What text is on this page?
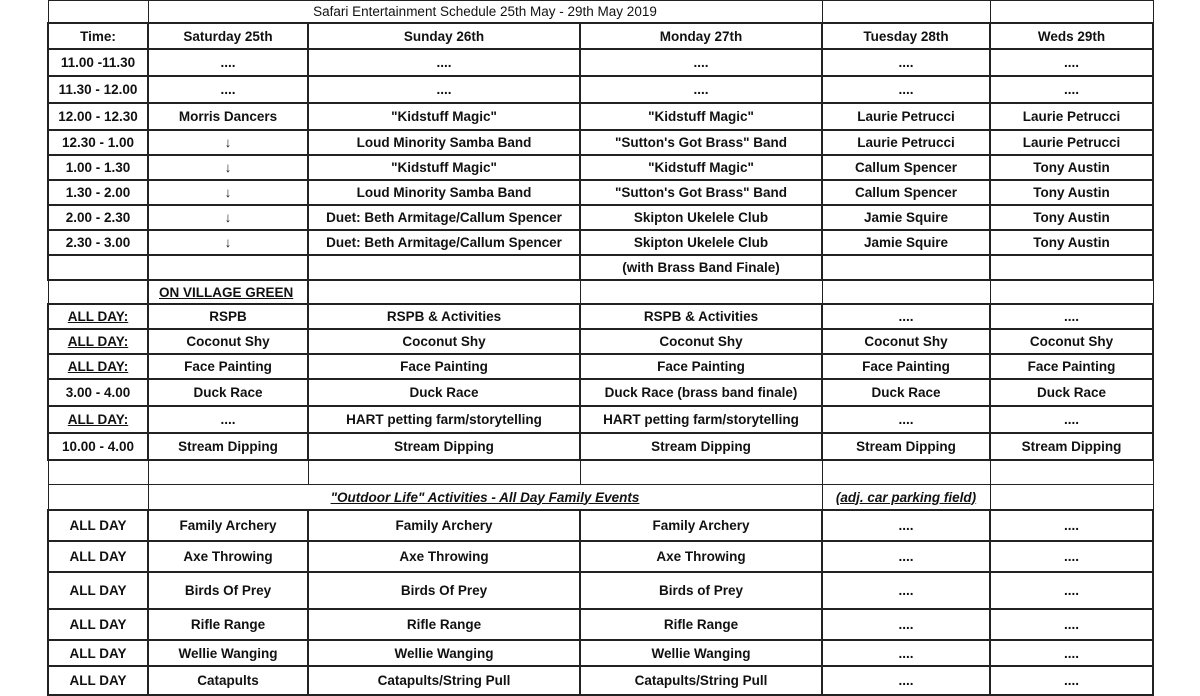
	Safari Entertainment Schedule 25th May - 29th May 2019				
Time:	Saturday 25th	Sunday 26th	Monday 27th	Tuesday 28th	Weds 29th
11.00 -11.30	....	....	....	....	....
11.30 - 12.00	....	....	....	....	....
12.00 - 12.30	Morris Dancers	"Kidstuff Magic"	"Kidstuff Magic"	Laurie Petrucci	Laurie Petrucci
12.30 - 1.00	↓	Loud Minority Samba Band	"Sutton's Got Brass" Band	Laurie Petrucci	Laurie Petrucci
1.00 - 1.30	↓	"Kidstuff Magic"	"Kidstuff Magic"	Callum Spencer	Tony Austin
1.30 - 2.00	↓	Loud Minority Samba Band	"Sutton's Got Brass" Band	Callum Spencer	Tony Austin
2.00 - 2.30	↓	Duet: Beth Armitage/Callum Spencer	Skipton Ukelele Club	Jamie Squire	Tony Austin
2.30 - 3.00	↓	Duet: Beth Armitage/Callum Spencer	Skipton Ukelele Club	Jamie Squire	Tony Austin
			(with Brass Band Finale)		
	ON VILLAGE GREEN				
ALL DAY:	RSPB	RSPB & Activities	RSPB & Activities	....	....
ALL DAY:	Coconut Shy	Coconut Shy	Coconut Shy	Coconut Shy	Coconut Shy
ALL DAY:	Face Painting	Face Painting	Face Painting	Face Painting	Face Painting
3.00 - 4.00	Duck Race	Duck Race	Duck Race (brass band finale)	Duck Race	Duck Race
ALL DAY:	....	HART petting farm/storytelling	HART petting farm/storytelling	....	....
10.00 - 4.00	Stream Dipping	Stream Dipping	Stream Dipping	Stream Dipping	Stream Dipping

	"Outdoor Life" Activities - All Day Family Events			(adj. car parking field)	
ALL DAY	Family Archery	Family Archery	Family Archery	....	....
ALL DAY	Axe Throwing	Axe Throwing	Axe Throwing	....	....
ALL DAY	Birds Of Prey	Birds Of Prey	Birds of Prey	....	....
ALL DAY	Rifle Range	Rifle Range	Rifle Range	....	....
ALL DAY	Wellie Wanging	Wellie Wanging	Wellie Wanging	....	....
ALL DAY	Catapults	Catapults/String Pull	Catapults/String Pull	....	....
